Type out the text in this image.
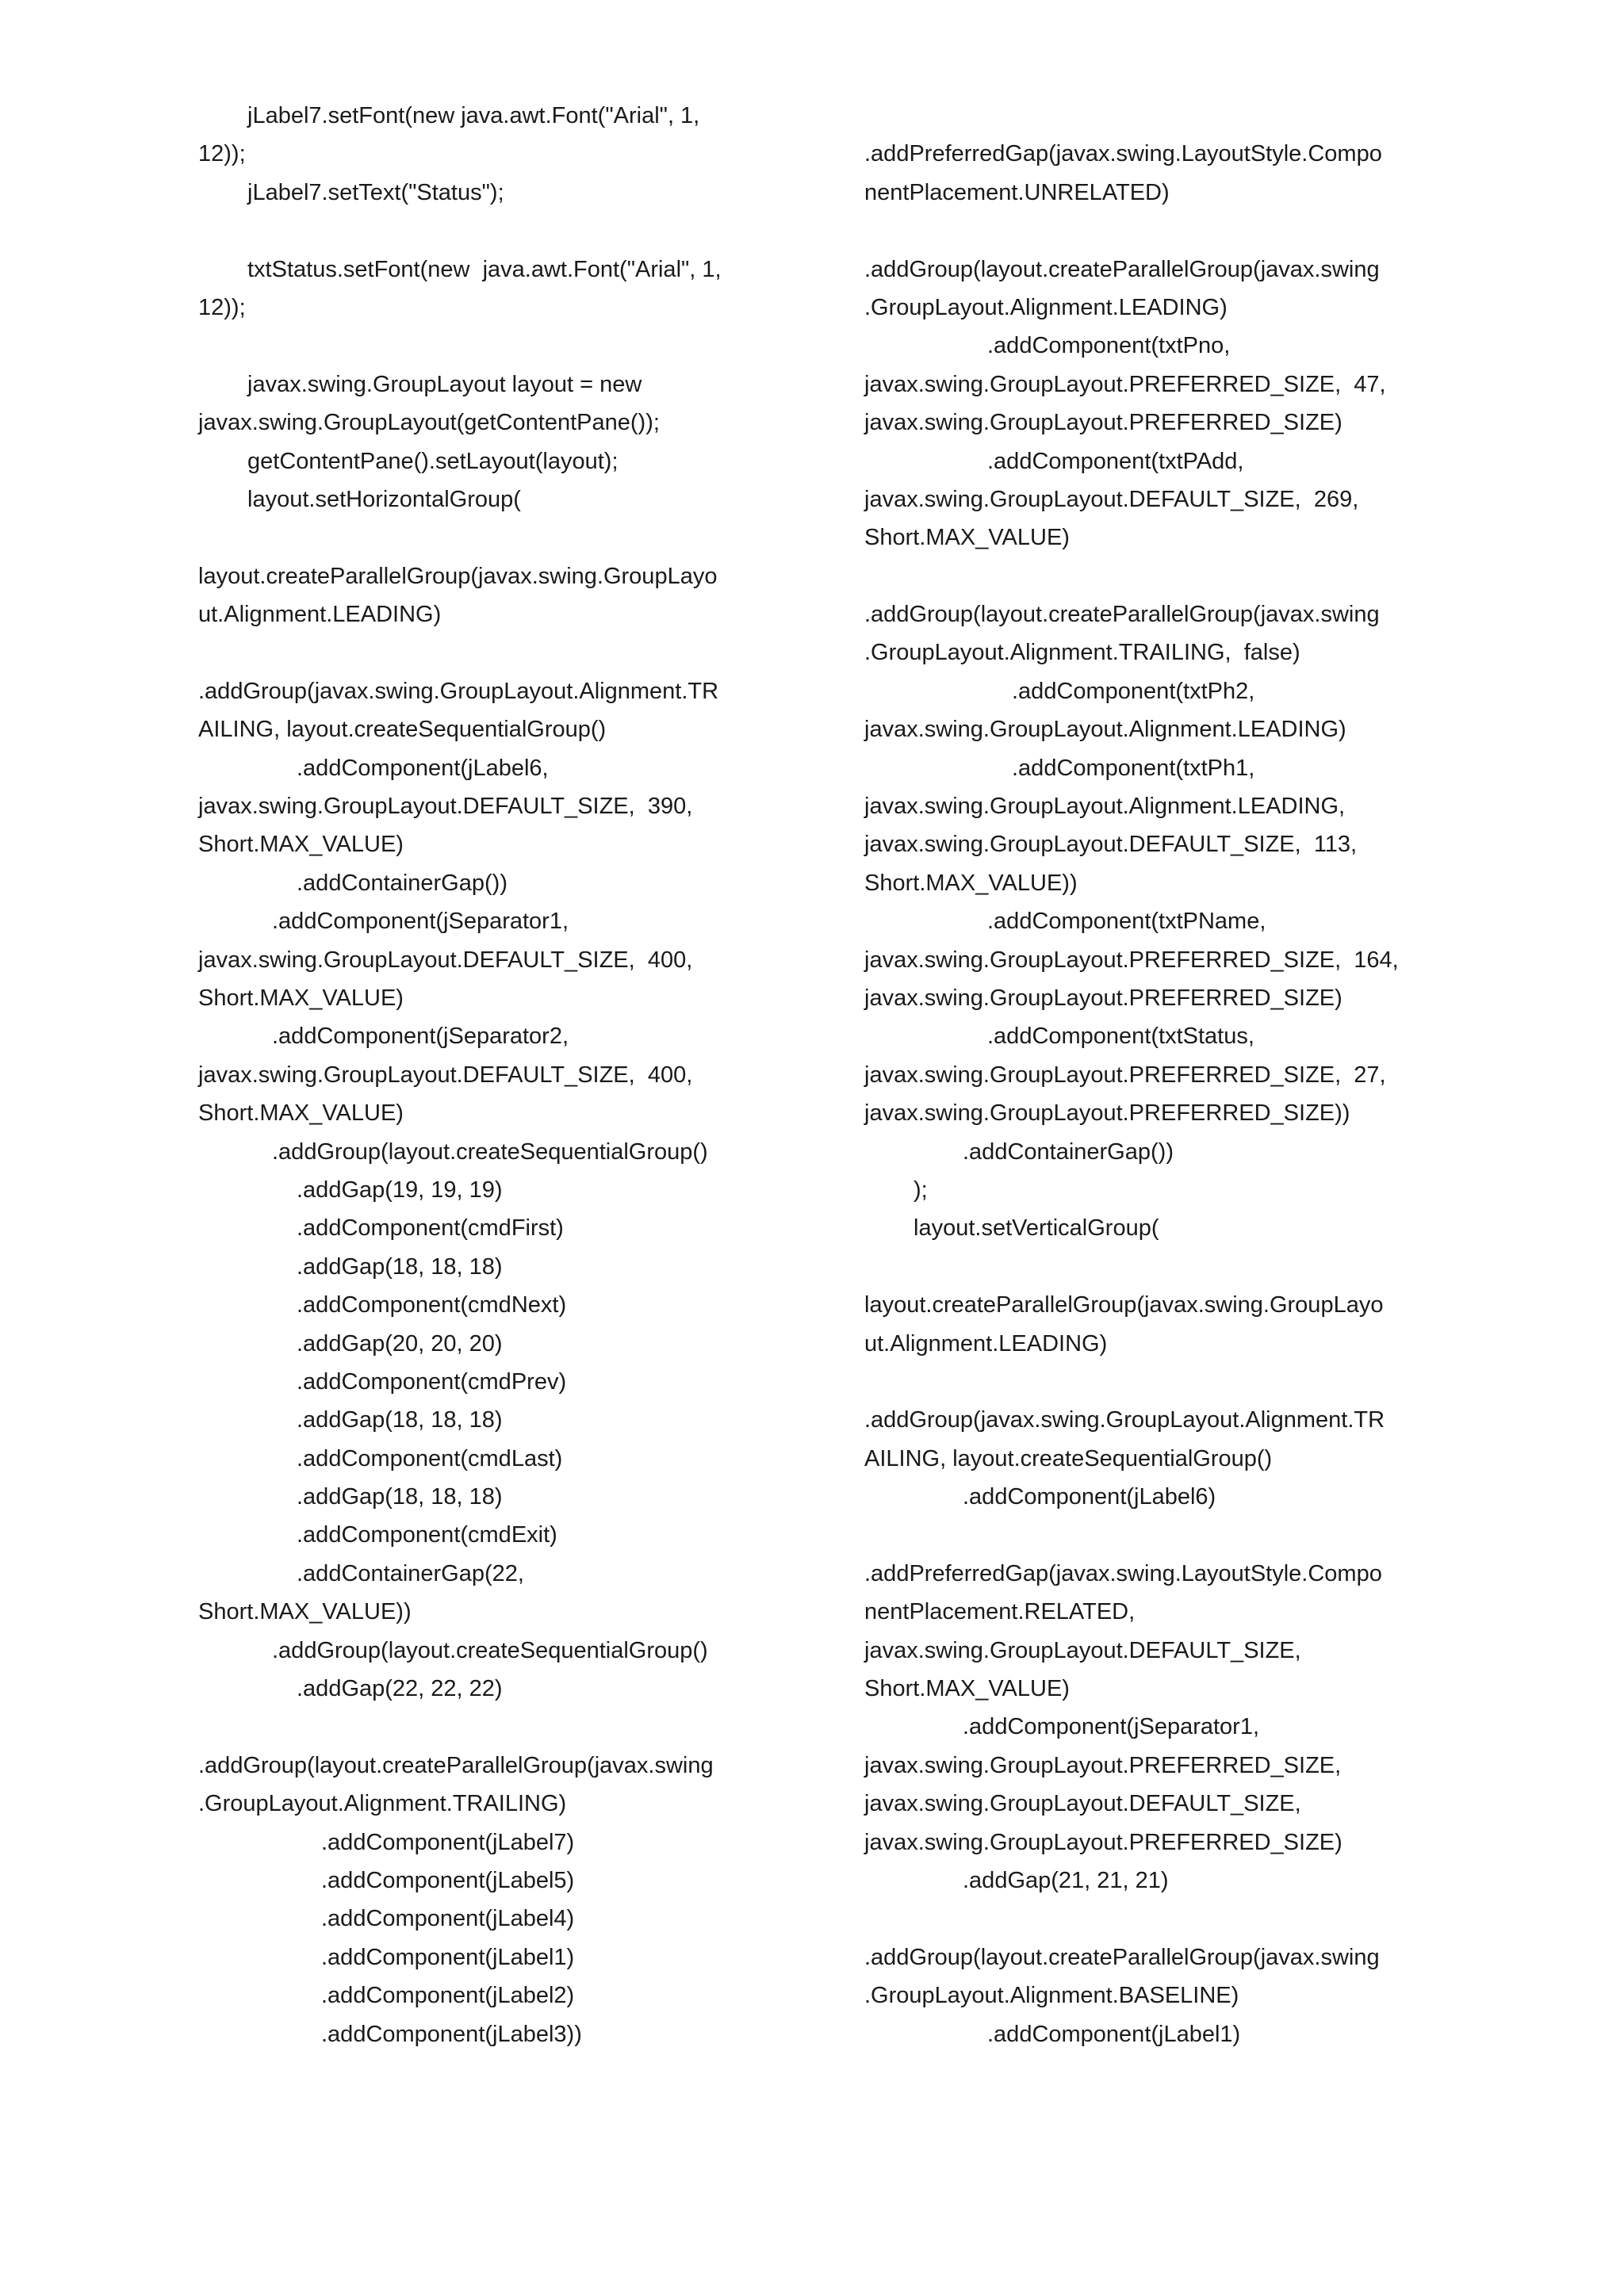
jLabel7.setFont(new java.awt.Font("Arial", 1,
12));
jLabel7.setText("Status");
txtStatus.setFont(new  java.awt.Font("Arial", 1,
12));
javax.swing.GroupLayout layout = new
javax.swing.GroupLayout(getContentPane());
getContentPane().setLayout(layout);
layout.setHorizontalGroup(
layout.createParallelGroup(javax.swing.GroupLayo
ut.Alignment.LEADING)
.addGroup(javax.swing.GroupLayout.Alignment.TR
AILING, layout.createSequentialGroup()
.addComponent(jLabel6,
javax.swing.GroupLayout.DEFAULT_SIZE,  390,
Short.MAX_VALUE)
.addContainerGap())
.addComponent(jSeparator1,
javax.swing.GroupLayout.DEFAULT_SIZE,  400,
Short.MAX_VALUE)
.addComponent(jSeparator2,
javax.swing.GroupLayout.DEFAULT_SIZE,  400,
Short.MAX_VALUE)
.addGroup(layout.createSequentialGroup()
.addGap(19, 19, 19)
.addComponent(cmdFirst)
.addGap(18, 18, 18)
.addComponent(cmdNext)
.addGap(20, 20, 20)
.addComponent(cmdPrev)
.addGap(18, 18, 18)
.addComponent(cmdLast)
.addGap(18, 18, 18)
.addComponent(cmdExit)
.addContainerGap(22,
Short.MAX_VALUE))
.addGroup(layout.createSequentialGroup()
.addGap(22, 22, 22)
.addGroup(layout.createParallelGroup(javax.swing
.GroupLayout.Alignment.TRAILING)
.addComponent(jLabel7)
.addComponent(jLabel5)
.addComponent(jLabel4)
.addComponent(jLabel1)
.addComponent(jLabel2)
.addComponent(jLabel3))
.addPreferredGap(javax.swing.LayoutStyle.Compo
nentPlacement.UNRELATED)
.addGroup(layout.createParallelGroup(javax.swing
.GroupLayout.Alignment.LEADING)
.addComponent(txtPno,
javax.swing.GroupLayout.PREFERRED_SIZE,  47,
javax.swing.GroupLayout.PREFERRED_SIZE)
.addComponent(txtPAdd,
javax.swing.GroupLayout.DEFAULT_SIZE,  269,
Short.MAX_VALUE)
.addGroup(layout.createParallelGroup(javax.swing
.GroupLayout.Alignment.TRAILING,  false)
.addComponent(txtPh2,
javax.swing.GroupLayout.Alignment.LEADING)
.addComponent(txtPh1,
javax.swing.GroupLayout.Alignment.LEADING,
javax.swing.GroupLayout.DEFAULT_SIZE,  113,
Short.MAX_VALUE))
.addComponent(txtPName,
javax.swing.GroupLayout.PREFERRED_SIZE,  164,
javax.swing.GroupLayout.PREFERRED_SIZE)
.addComponent(txtStatus,
javax.swing.GroupLayout.PREFERRED_SIZE,  27,
javax.swing.GroupLayout.PREFERRED_SIZE))
.addContainerGap())
);
layout.setVerticalGroup(
layout.createParallelGroup(javax.swing.GroupLayo
ut.Alignment.LEADING)
.addGroup(javax.swing.GroupLayout.Alignment.TR
AILING, layout.createSequentialGroup()
.addComponent(jLabel6)
.addPreferredGap(javax.swing.LayoutStyle.Compo
nentPlacement.RELATED,
javax.swing.GroupLayout.DEFAULT_SIZE,
Short.MAX_VALUE)
.addComponent(jSeparator1,
javax.swing.GroupLayout.PREFERRED_SIZE,
javax.swing.GroupLayout.DEFAULT_SIZE,
javax.swing.GroupLayout.PREFERRED_SIZE)
.addGap(21, 21, 21)
.addGroup(layout.createParallelGroup(javax.swing
.GroupLayout.Alignment.BASELINE)
.addComponent(jLabel1)
